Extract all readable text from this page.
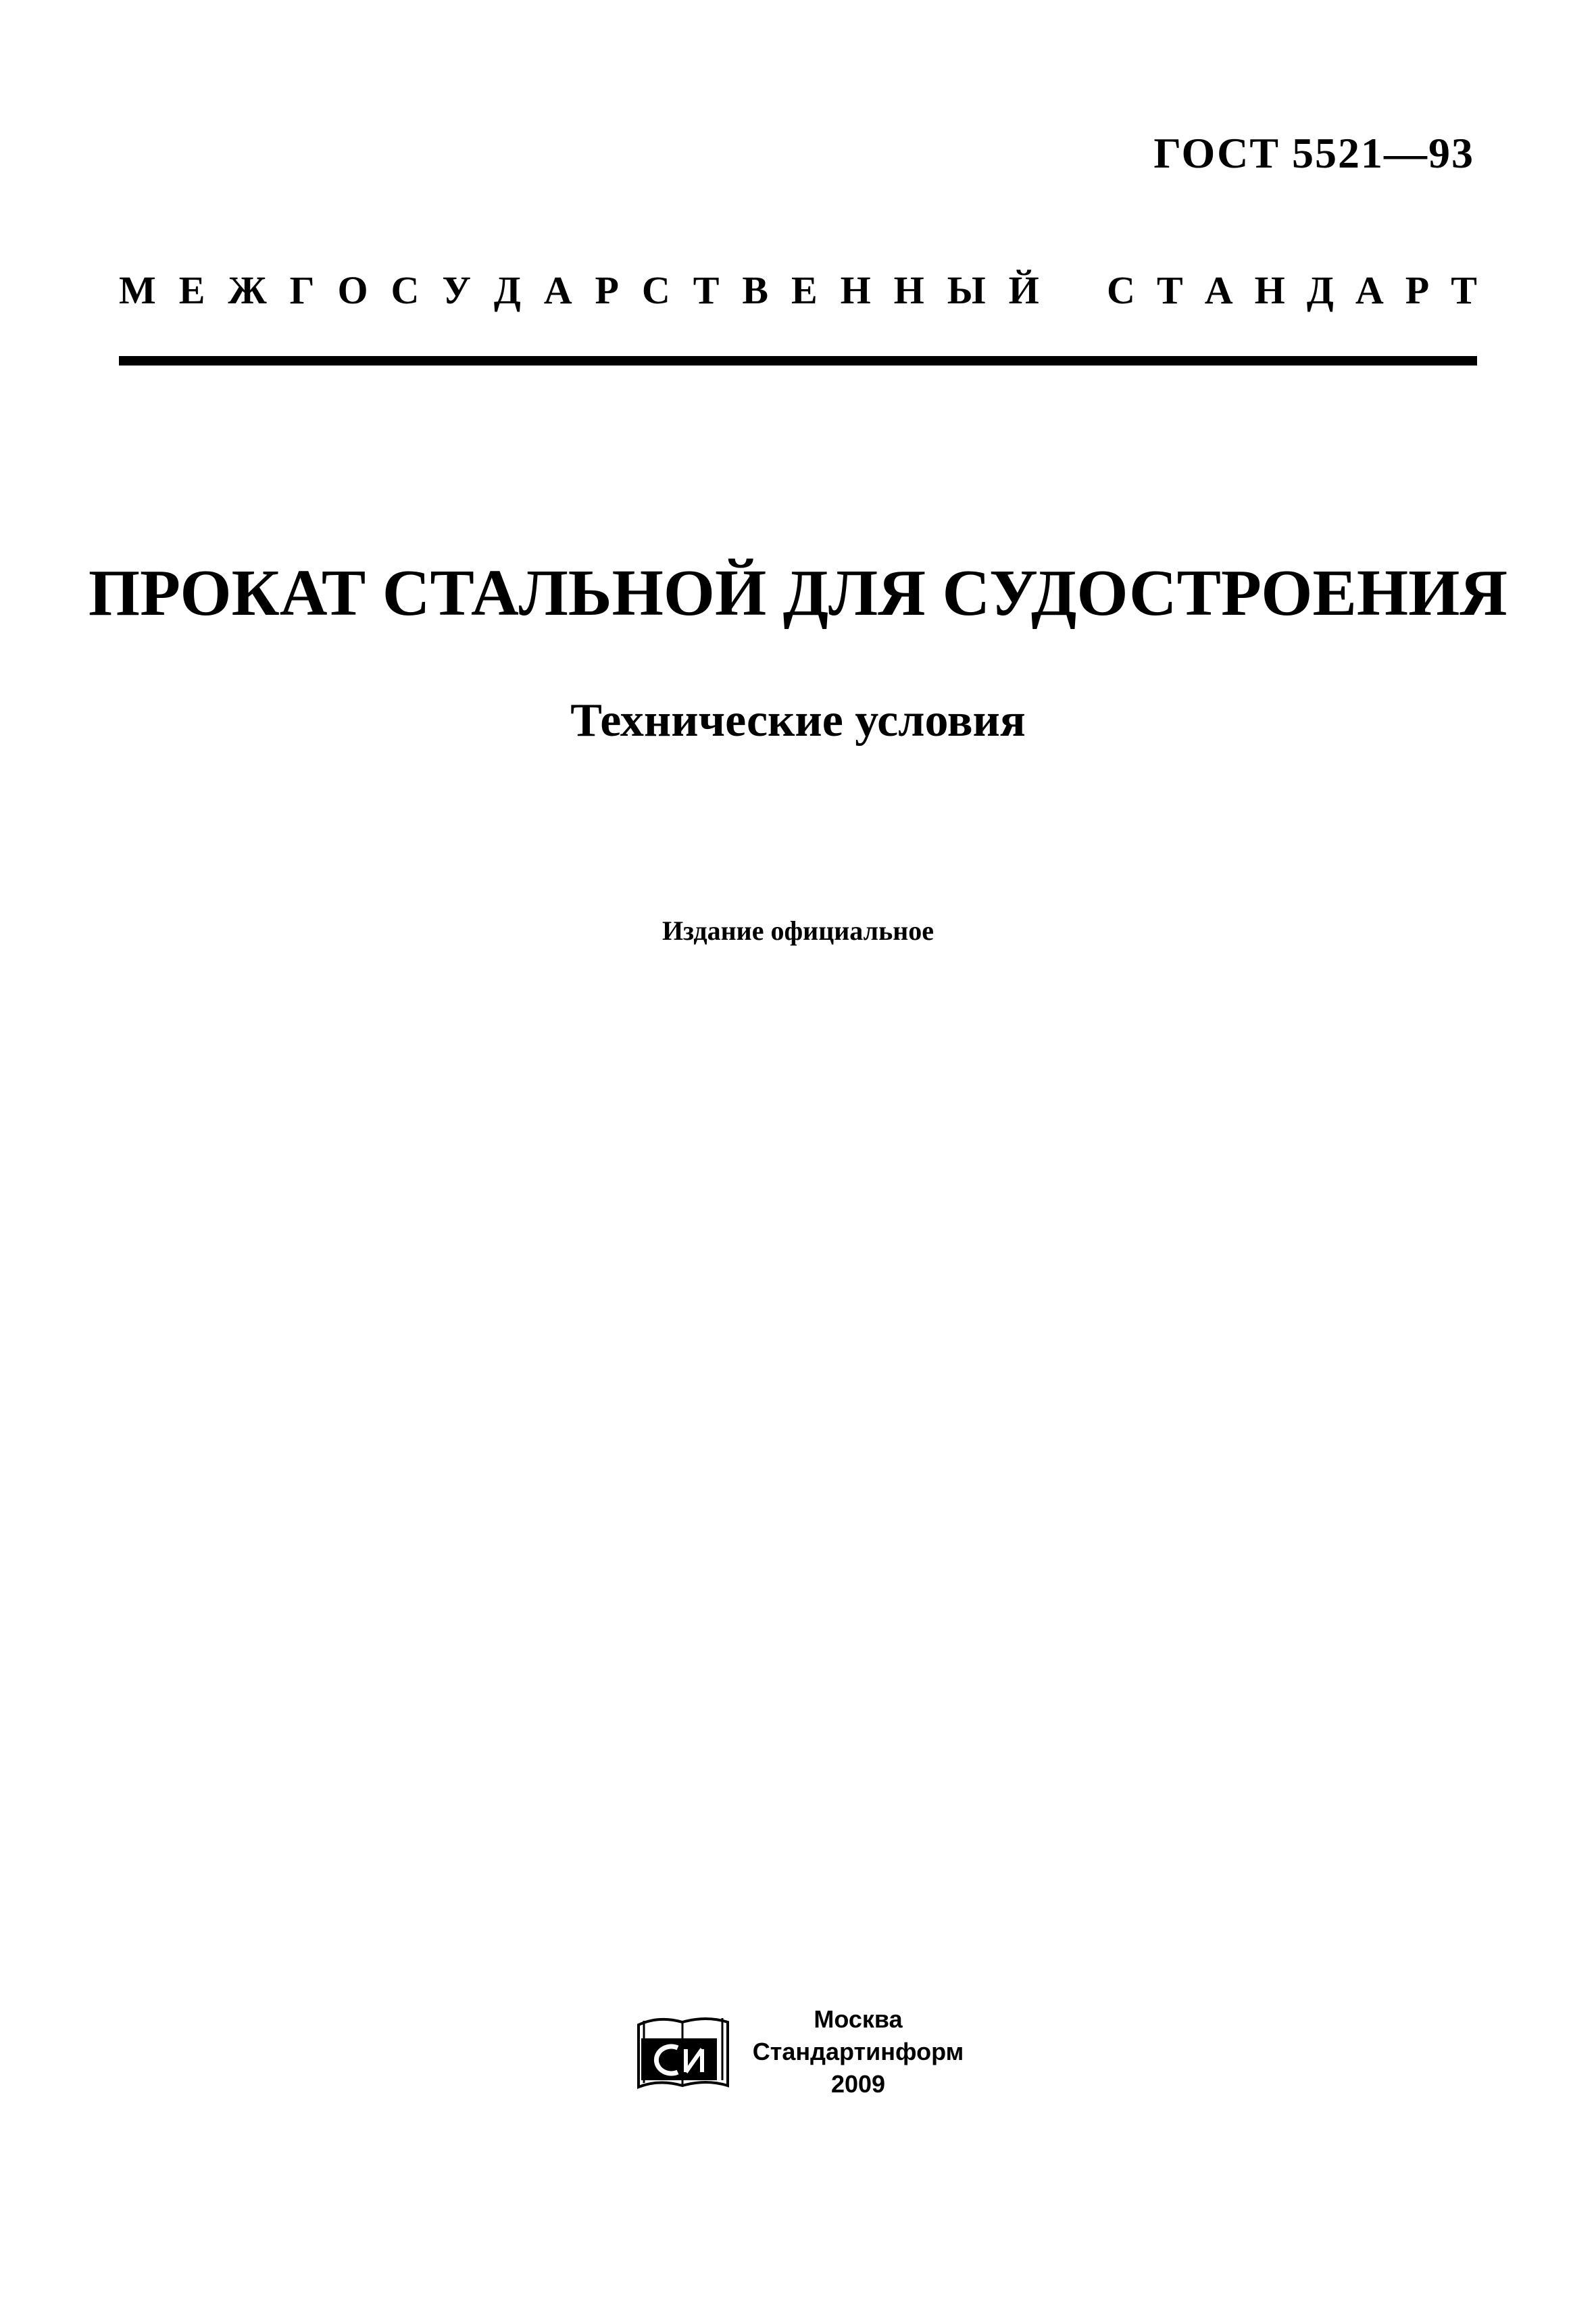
ГОСТ 5521—93
М Е Ж Г О С У Д А Р С Т В Е Н Н Ы Й С Т А Н Д А Р Т
ПРОКАТ СТАЛЬНОЙ ДЛЯ СУДОСТРОЕНИЯ
Технические условия
Издание официальное
Москва
Стандартинформ
2009
